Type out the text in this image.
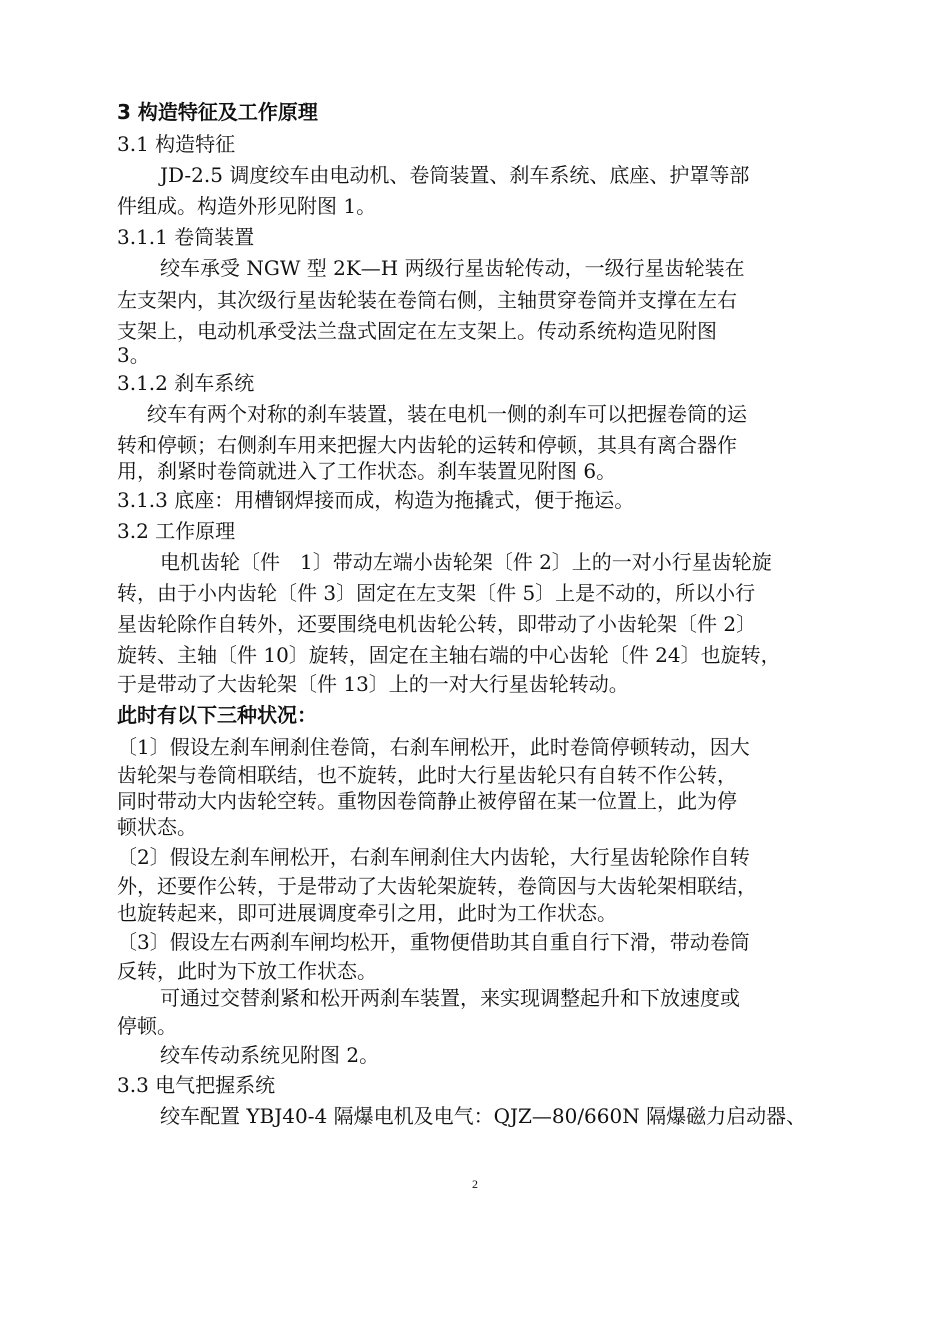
3 构造特征及工作原理
3.1 构造特征
JD-2.5 调度绞车由电动机、卷筒装置、刹车系统、底座、护罩等部
件组成。构造外形见附图 1。
3.1.1 卷筒装置
绞车承受 NGW 型 2K—H 两级行星齿轮传动，一级行星齿轮装在
左支架内，其次级行星齿轮装在卷筒右侧，主轴贯穿卷筒并支撑在左右
支架上，电动机承受法兰盘式固定在左支架上。传动系统构造见附图
3。
3.1.2 刹车系统
绞车有两个对称的刹车装置，装在电机一侧的刹车可以把握卷筒的运
转和停顿；右侧刹车用来把握大内齿轮的运转和停顿，其具有离合器作
用，刹紧时卷筒就进入了工作状态。刹车装置见附图 6。
3.1.3 底座：用槽钢焊接而成，构造为拖撬式，便于拖运。
3.2 工作原理
电机齿轮〔件　1〕带动左端小齿轮架〔件 2〕上的一对小行星齿轮旋
转，由于小内齿轮〔件 3〕固定在左支架〔件 5〕上是不动的，所以小行
星齿轮除作自转外，还要围绕电机齿轮公转，即带动了小齿轮架〔件 2〕
旋转、主轴〔件 10〕旋转，固定在主轴右端的中心齿轮〔件 24〕也旋转，
于是带动了大齿轮架〔件 13〕上的一对大行星齿轮转动。
此时有以下三种状况：
〔1〕假设左刹车闸刹住卷筒，右刹车闸松开，此时卷筒停顿转动，因大
齿轮架与卷筒相联结，也不旋转，此时大行星齿轮只有自转不作公转，
同时带动大内齿轮空转。重物因卷筒静止被停留在某一位置上，此为停
顿状态。
〔2〕假设左刹车闸松开，右刹车闸刹住大内齿轮，大行星齿轮除作自转
外，还要作公转，于是带动了大齿轮架旋转，卷筒因与大齿轮架相联结，
也旋转起来，即可进展调度牵引之用，此时为工作状态。
〔3〕假设左右两刹车闸均松开，重物便借助其自重自行下滑，带动卷筒
反转，此时为下放工作状态。
可通过交替刹紧和松开两刹车装置，来实现调整起升和下放速度或
停顿。
绞车传动系统见附图 2。
3.3 电气把握系统
绞车配置 YBJ40-4 隔爆电机及电气：QJZ—80/660N 隔爆磁力启动器、
2
